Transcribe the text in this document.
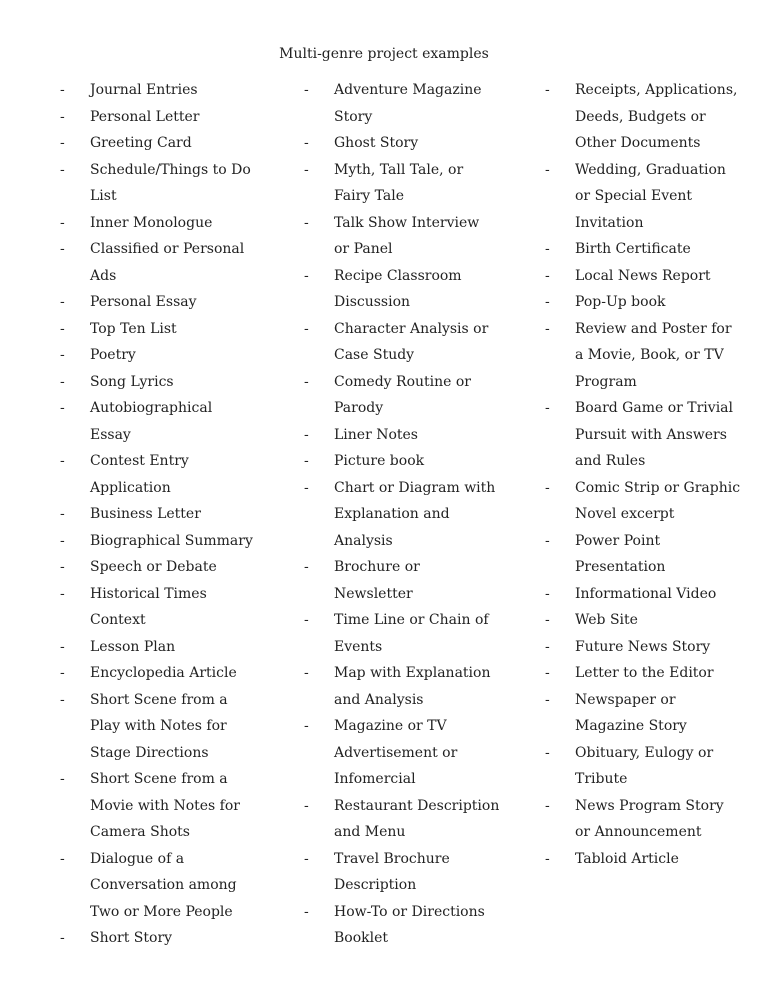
Multi-genre project examples
- Journal Entries
- Personal Letter
- Greeting Card
- Schedule/Things to Do
List
- Inner Monologue
- Classified or Personal
Ads
- Personal Essay
- Top Ten List
- Poetry
- Song Lyrics
- Autobiographical
Essay
- Contest Entry
Application
- Business Letter
- Biographical Summary
- Speech or Debate
- Historical Times
Context
- Lesson Plan
- Encyclopedia Article
- Short Scene from a
Play with Notes for
Stage Directions
- Short Scene from a
Movie with Notes for
Camera Shots
- Dialogue of a
Conversation among
Two or More People
- Short Story
- Adventure Magazine
Story
- Ghost Story
- Myth, Tall Tale, or
Fairy Tale
- Talk Show Interview
or Panel
- Recipe Classroom
Discussion
- Character Analysis or
Case Study
- Comedy Routine or
Parody
- Liner Notes
- Picture book
- Chart or Diagram with
Explanation and
Analysis
- Brochure or
Newsletter
- Time Line or Chain of
Events
- Map with Explanation
and Analysis
- Magazine or TV
Advertisement or
Infomercial
- Restaurant Description
and Menu
- Travel Brochure
Description
- How-To or Directions
Booklet
- Receipts, Applications,
Deeds, Budgets or
Other Documents
- Wedding, Graduation
or Special Event
Invitation
- Birth Certificate
- Local News Report
- Pop-Up book
- Review and Poster for
a Movie, Book, or TV
Program
- Board Game or Trivial
Pursuit with Answers
and Rules
- Comic Strip or Graphic
Novel excerpt
- Power Point
Presentation
- Informational Video
- Web Site
- Future News Story
- Letter to the Editor
- Newspaper or
Magazine Story
- Obituary, Eulogy or
Tribute
- News Program Story
or Announcement
- Tabloid Article
